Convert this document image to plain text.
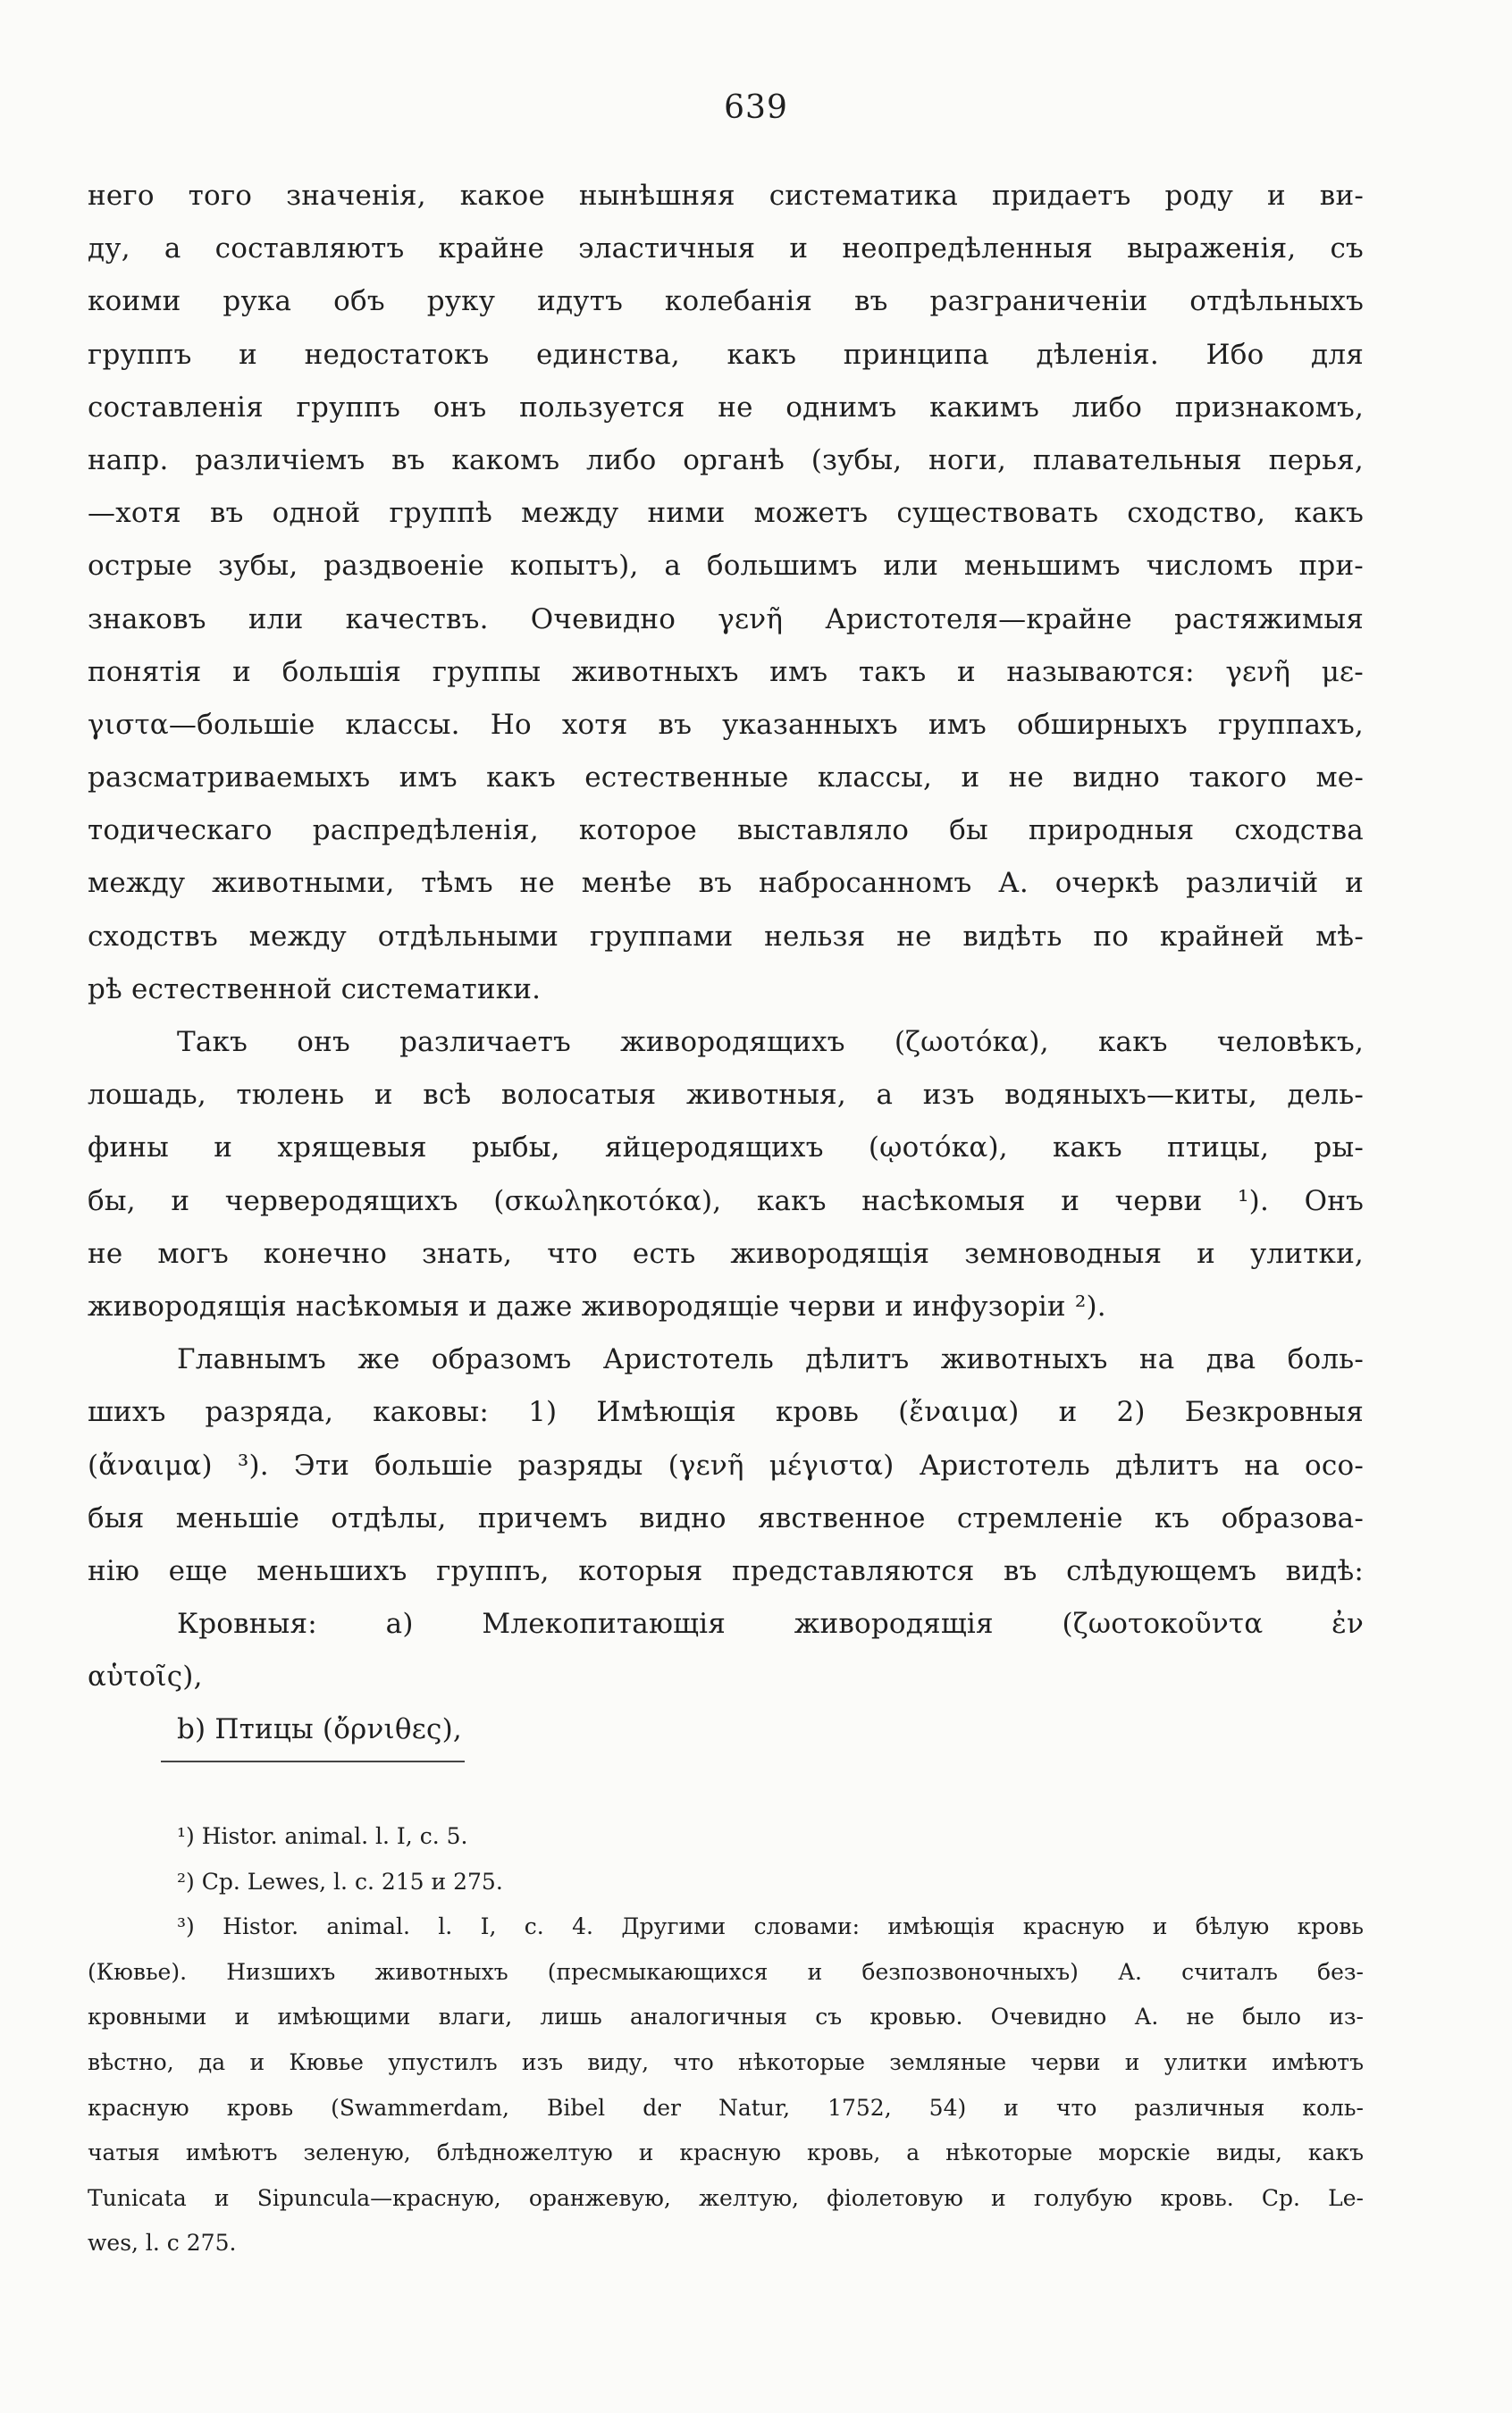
639
него того значенія, какое нынѣшняя систематика придаетъ роду и ви-
ду, а составляютъ крайне эластичныя и неопредѣленныя выраженія, съ
коими рука объ руку идутъ колебанія въ разграниченіи отдѣльныхъ
группъ и недостатокъ единства, какъ принципа дѣленія. Ибо для
составленія группъ онъ пользуется не однимъ какимъ либо признакомъ,
напр. различіемъ въ какомъ либо органѣ (зубы, ноги, плавательныя перья,
—хотя въ одной группѣ между ними можетъ существовать сходство, какъ
острые зубы, раздвоеніе копытъ), а большимъ или меньшимъ числомъ при-
знаковъ или качествъ. Очевидно γενῆ Аристотеля—крайне растяжимыя
понятія и большія группы животныхъ имъ такъ и называются: γενῆ με-
γιστα—большіе классы. Но хотя въ указанныхъ имъ обширныхъ группахъ,
разсматриваемыхъ имъ какъ естественные классы, и не видно такого ме-
тодическаго распредѣленія, которое выставляло бы природныя сходства
между животными, тѣмъ не менѣе въ набросанномъ А. очеркѣ различій и
сходствъ между отдѣльными группами нельзя не видѣть по крайней мѣ-
рѣ естественной систематики.
Такъ онъ различаетъ живородящихъ (ζωοτόκα), какъ человѣкъ,
лошадь, тюлень и всѣ волосатыя животныя, а изъ водяныхъ—киты, дель-
фины и хрящевыя рыбы, яйцеродящихъ (ῳοτόκα), какъ птицы, ры-
бы, и черверодящихъ (σκωληκοτόκα), какъ насѣкомыя и черви ¹). Онъ
не могъ конечно знать, что есть живородящія земноводныя и улитки,
живородящія насѣкомыя и даже живородящіе черви и инфузоріи ²).
Главнымъ же образомъ Аристотель дѣлитъ животныхъ на два боль-
шихъ разряда, каковы: 1) Имѣющія кровь (ἔναιμα) и 2) Безкровныя
(ἄναιμα) ³). Эти большіе разряды (γενῆ μέγιστα) Аристотель дѣлитъ на осо-
быя меньшіе отдѣлы, причемъ видно явственное стремленіе къ образова-
нію еще меньшихъ группъ, которыя представляются въ слѣдующемъ видѣ:
Кровныя: a) Млекопитающія живородящія (ζωοτοκοῦντα ἐν
αὑτοῖς),
b) Птицы (ὄρνιθες),
¹) Histor. animal. l. I, c. 5.
²) Cp. Lewes, l. c. 215 и 275.
³) Histor. animal. l. I, c. 4. Другими словами: имѣющія красную и бѣлую кровь
(Кювье). Низшихъ животныхъ (пресмыкающихся и безпозвоночныхъ) А. считалъ без-
кровными и имѣющими влаги, лишь аналогичныя съ кровью. Очевидно А. не было из-
вѣстно, да и Кювье упустилъ изъ виду, что нѣкоторые земляные черви и улитки имѣютъ
красную кровь (Swammerdam, Bibel der Natur, 1752, 54) и что различныя коль-
чатыя имѣютъ зеленую, блѣдножелтую и красную кровь, а нѣкоторые морскіе виды, какъ
Tunicata и Sipuncula—красную, оранжевую, желтую, фіолетовую и голубую кровь. Cp. Le-
wes, l. c 275.
